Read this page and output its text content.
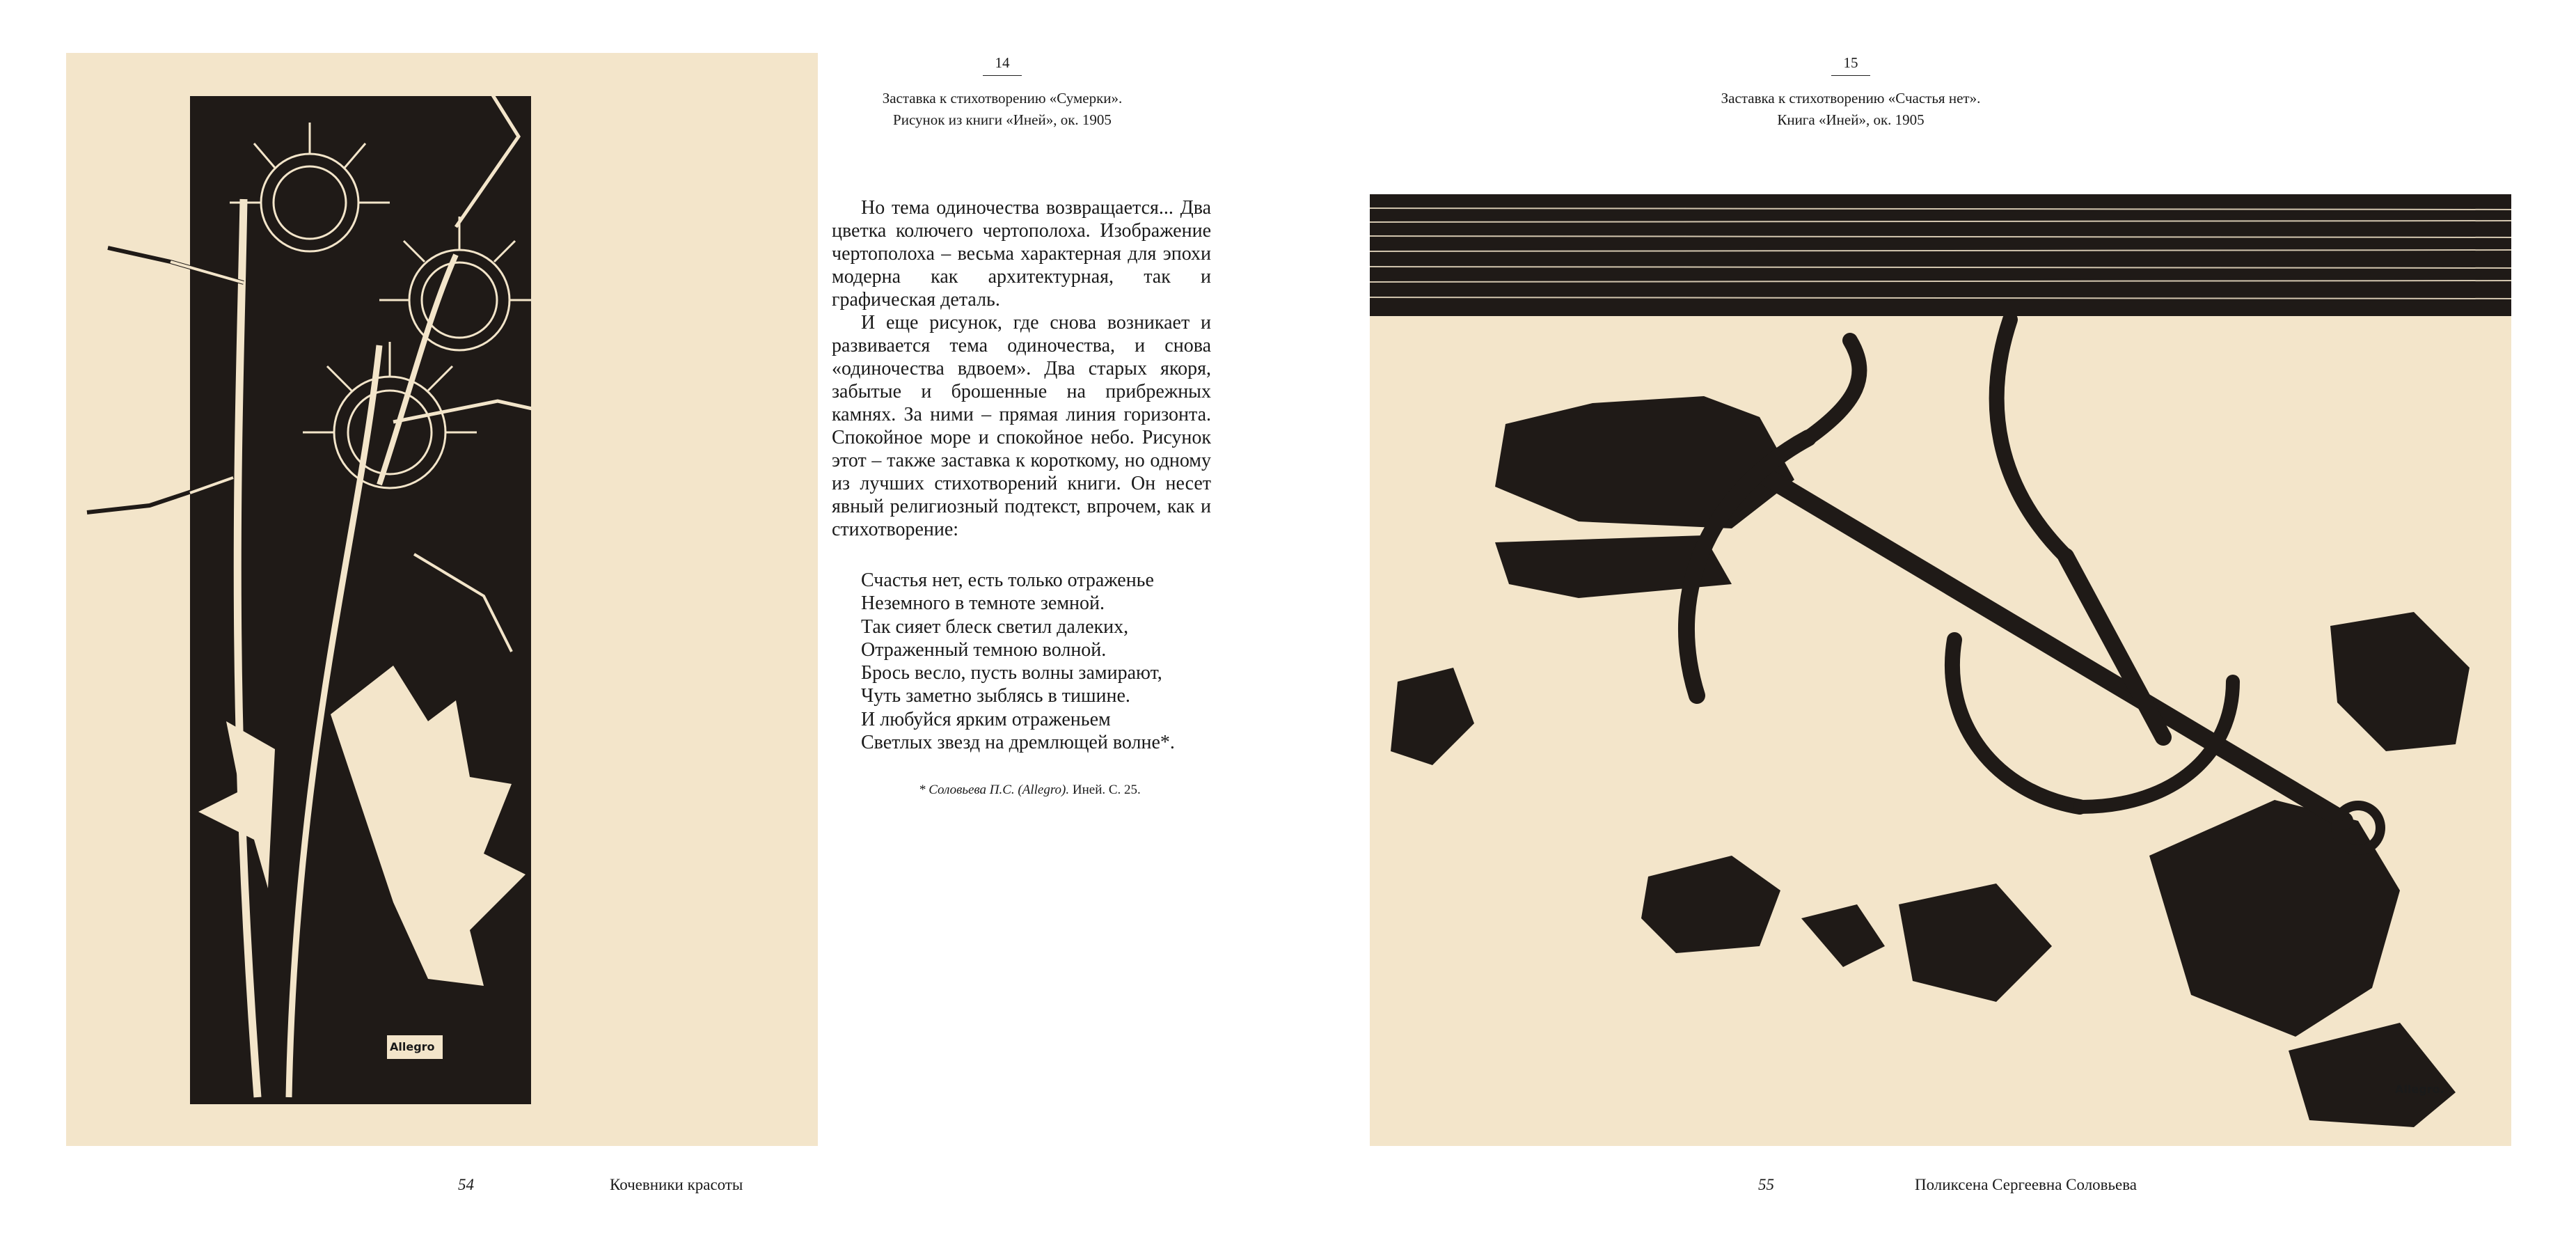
Allegro
14
Заставка к стихотворению «Сумерки».
Рисунок из книги «Иней», ок. 1905

Но тема одиночества возвращается... Два цветка колючего чертополоха. Изображение чертополоха – весьма характерная для эпохи модерна как архитектурная, так и графическая деталь.

И еще рисунок, где снова возникает и развивается тема одиночества, и снова «одиночества вдвоем». Два старых якоря, забытые и брошенные на прибрежных камнях. За ними – прямая линия горизонта. Спокойное море и спокойное небо. Рисунок этот – также заставка к короткому, но одному из лучших стихотворений книги. Он несет явный религиозный подтекст, впрочем, как и стихотворение:

Счастья нет, есть только отраженье
Неземного в темноте земной.
Так сияет блеск светил далеких,
Отраженный темною волной.
Брось весло, пусть волны замирают,
Чуть заметно зыблясь в тишине.
И любуйся ярким отраженьем
Светлых звезд на дремлющей волне*.
* Соловьева П.С. (Allegro). Иней. С. 25.
54	Кочевники красоты
15
Заставка к стихотворению «Счастья нет».
Книга «Иней», ок. 1905
Allegro.
55	Поликсена Сергеевна Соловьева
